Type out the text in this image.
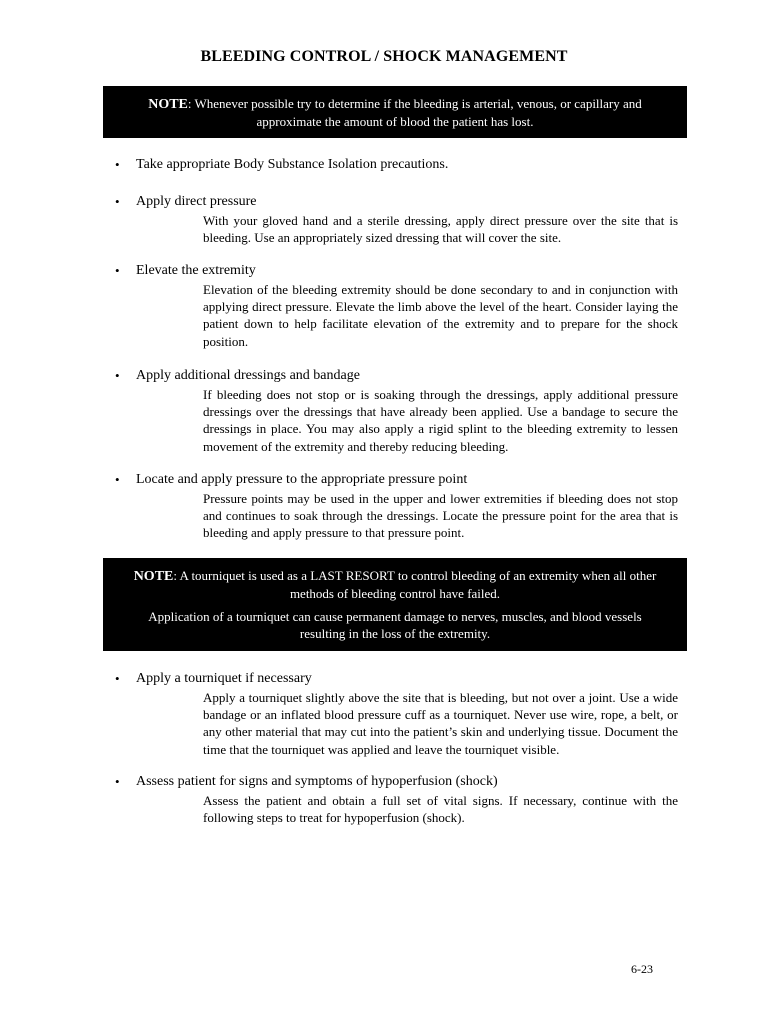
BLEEDING CONTROL / SHOCK MANAGEMENT

NOTE: Whenever possible try to determine if the bleeding is arterial, venous, or capillary and approximate the amount of blood the patient has lost.

• Take appropriate Body Substance Isolation precautions.
• Apply direct pressure
With your gloved hand and a sterile dressing, apply direct pressure over the site that is bleeding. Use an appropriately sized dressing that will cover the site.
• Elevate the extremity
Elevation of the bleeding extremity should be done secondary to and in conjunction with applying direct pressure. Elevate the limb above the level of the heart. Consider laying the patient down to help facilitate elevation of the extremity and to prepare for the shock position.
• Apply additional dressings and bandage
If bleeding does not stop or is soaking through the dressings, apply additional pressure dressings over the dressings that have already been applied. Use a bandage to secure the dressings in place. You may also apply a rigid splint to the bleeding extremity to lessen movement of the extremity and thereby reducing bleeding.
• Locate and apply pressure to the appropriate pressure point
Pressure points may be used in the upper and lower extremities if bleeding does not stop and continues to soak through the dressings. Locate the pressure point for the area that is bleeding and apply pressure to that pressure point.

NOTE: A tourniquet is used as a LAST RESORT to control bleeding of an extremity when all other methods of bleeding control have failed.

Application of a tourniquet can cause permanent damage to nerves, muscles, and blood vessels resulting in the loss of the extremity.

• Apply a tourniquet if necessary
Apply a tourniquet slightly above the site that is bleeding, but not over a joint. Use a wide bandage or an inflated blood pressure cuff as a tourniquet. Never use wire, rope, a belt, or any other material that may cut into the patient’s skin and underlying tissue. Document the time that the tourniquet was applied and leave the tourniquet visible.
• Assess patient for signs and symptoms of hypoperfusion (shock)
Assess the patient and obtain a full set of vital signs. If necessary, continue with the following steps to treat for hypoperfusion (shock).
6-23
